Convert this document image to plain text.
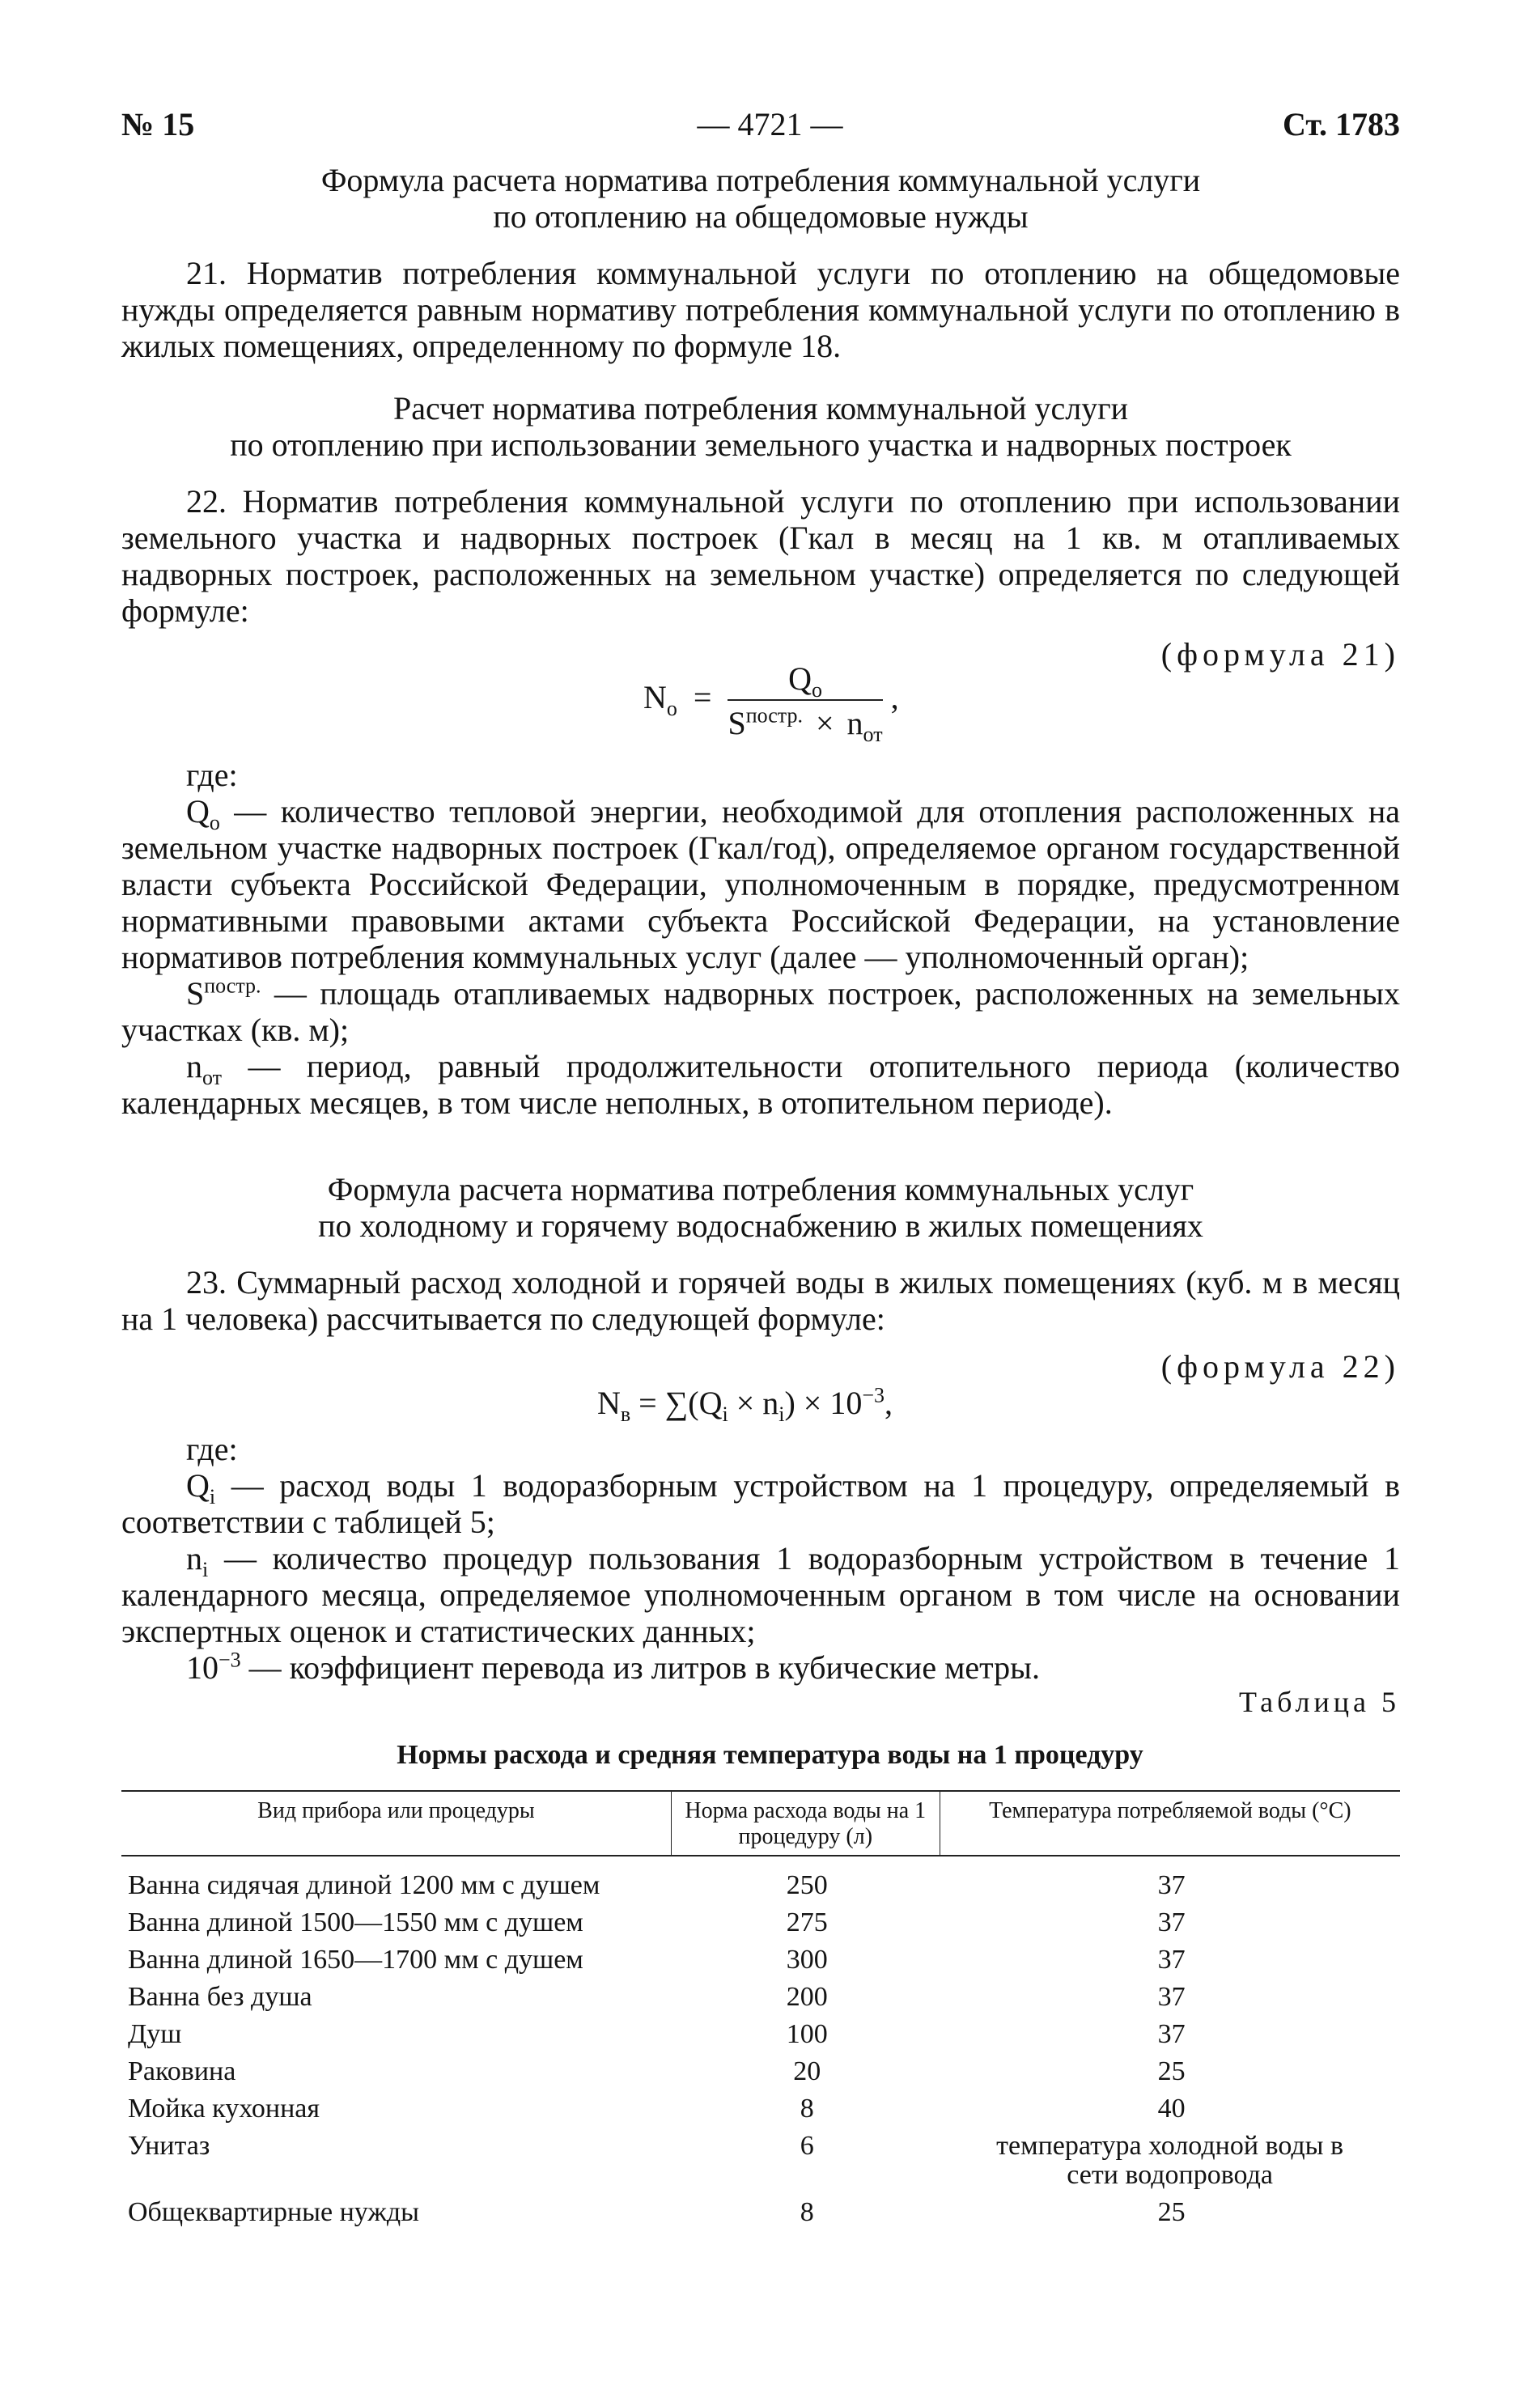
№ 15	— 4721 —	Ст. 1783
Формула расчета норматива потребления коммунальной услуги
по отоплению на общедомовые нужды

21. Норматив потребления коммунальной услуги по отоплению на общедомовые нужды определяется равным нормативу потребления коммунальной услуги по отоплению в жилых помещениях, определенному по формуле 18.

Расчет норматива потребления коммунальной услуги
по отоплению при использовании земельного участка и надворных построек

22. Норматив потребления коммунальной услуги по отоплению при использовании земельного участка и надворных построек (Гкал в месяц на 1 кв. м отапливаемых надворных построек, расположенных на земельном участке) определяется по следующей формуле:

(формула 21)
$N_о = \frac{Q_о}{S^{постр.} \times n_{от}}$ ,
где:

$Q_о$ — количество тепловой энергии, необходимой для отопления расположенных на земельном участке надворных построек (Гкал/год), определяемое органом государственной власти субъекта Российской Федерации, уполномоченным в порядке, предусмотренном нормативными правовыми актами субъекта Российской Федерации, на установление нормативов потребления коммунальных услуг (далее — уполномоченный орган);

$S^{постр.}$ — площадь отапливаемых надворных построек, расположенных на земельных участках (кв. м);

$n_{от}$ — период, равный продолжительности отопительного периода (количество календарных месяцев, в том числе неполных, в отопительном периоде).

Формула расчета норматива потребления коммунальных услуг
по холодному и горячему водоснабжению в жилых помещениях

23. Суммарный расход холодной и горячей воды в жилых помещениях (куб. м в месяц на 1 человека) рассчитывается по следующей формуле:

(формула 22)
$N_в = \sum(Q_i \times n_i) \times 10^{-3}$,
где:

$Q_i$ — расход воды 1 водоразборным устройством на 1 процедуру, определяемый в соответствии с таблицей 5;

$n_i$ — количество процедур пользования 1 водоразборным устройством в течение 1 календарного месяца, определяемое уполномоченным органом в том числе на основании экспертных оценок и статистических данных;

$10^{-3}$ — коэффициент перевода из литров в кубические метры.

Таблица 5
Нормы расхода и средняя температура воды на 1 процедуру
Вид прибора или процедуры	Норма расхода воды на 1 процедуру (л)	Температура потребляемой воды (°С)
Ванна сидячая длиной 1200 мм с душем	250	37
Ванна длиной 1500—1550 мм с душем	275	37
Ванна длиной 1650—1700 мм с душем	300	37
Ванна без душа	200	37
Душ	100	37
Раковина	20	25
Мойка кухонная	8	40
Унитаз	6	температура холодной воды в сети водопровода
Общеквартирные нужды	8	25
